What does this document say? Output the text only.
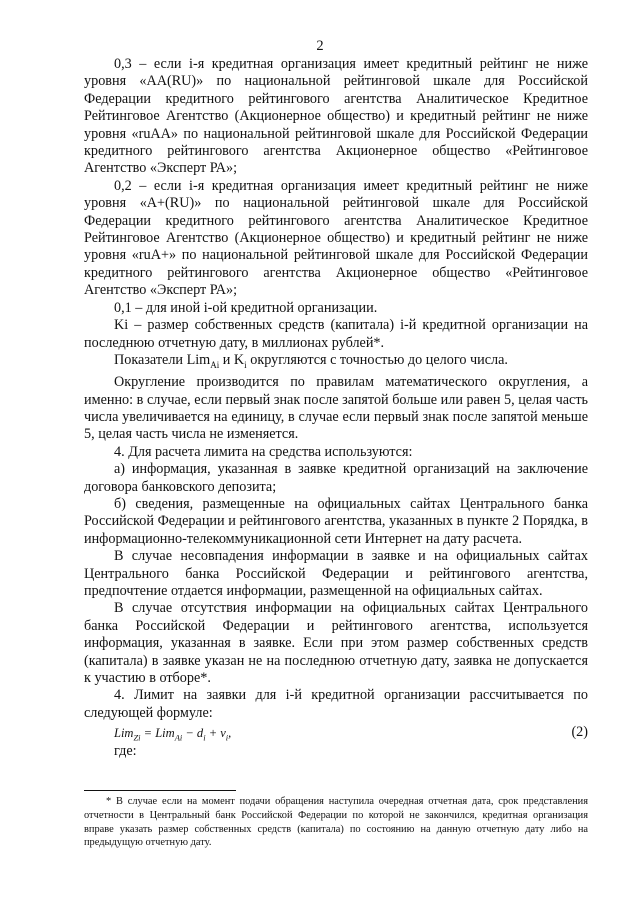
2

0,3 – если i-я кредитная организация имеет кредитный рейтинг не ниже уровня «AA(RU)» по национальной рейтинговой шкале для Российской Федерации кредитного рейтингового агентства Аналитическое Кредитное Рейтинговое Агентство (Акционерное общество) и кредитный рейтинг не ниже уровня «ruAA» по национальной рейтинговой шкале для Российской Федерации кредитного рейтингового агентства Акционерное общество «Рейтинговое Агентство «Эксперт РА»;

0,2 – если i-я кредитная организация имеет кредитный рейтинг не ниже уровня «A+(RU)» по национальной рейтинговой шкале для Российской Федерации кредитного рейтингового агентства Аналитическое Кредитное Рейтинговое Агентство (Акционерное общество) и кредитный рейтинг не ниже уровня «ruA+» по национальной рейтинговой шкале для Российской Федерации кредитного рейтингового агентства Акционерное общество «Рейтинговое Агентство «Эксперт РА»;

0,1 – для иной i-ой кредитной организации.

Ki – размер собственных средств (капитала) i-й кредитной организации на последнюю отчетную дату, в миллионах рублей*.

Показатели Lim$_{Ai}$ и $K_i$ округляются с точностью до целого числа.

Округление производится по правилам математического округления, а именно: в случае, если первый знак после запятой больше или равен 5, целая часть числа увеличивается на единицу, в случае если первый знак после запятой меньше 5, целая часть числа не изменяется.

4. Для расчета лимита на средства используются:

а) информация, указанная в заявке кредитной организаций на заключение договора банковского депозита;

б) сведения, размещенные на официальных сайтах Центрального банка Российской Федерации и рейтингового агентства, указанных в пункте 2 Порядка, в информационно-телекоммуникационной сети Интернет на дату расчета.

В случае несовпадения информации в заявке и на официальных сайтах Центрального банка Российской Федерации и рейтингового агентства, предпочтение отдается информации, размещенной на официальных сайтах.

В случае отсутствия информации на официальных сайтах Центрального банка Российской Федерации и рейтингового агентства, используется информация, указанная в заявке. Если при этом размер собственных средств (капитала) в заявке указан не на последнюю отчетную дату, заявка не допускается к участию в отборе*.

4. Лимит на заявки для i-й кредитной организации рассчитывается по следующей формуле:

$Lim_{Zi} = Lim_{Ai} - d_i + v_i$,	(2)

где:

* В случае если на момент подачи обращения наступила очередная отчетная дата, срок представления отчетности в Центральный банк Российской Федерации по которой не закончился, кредитная организация вправе указать размер собственных средств (капитала) по состоянию на данную отчетную дату либо на предыдущую отчетную дату.
